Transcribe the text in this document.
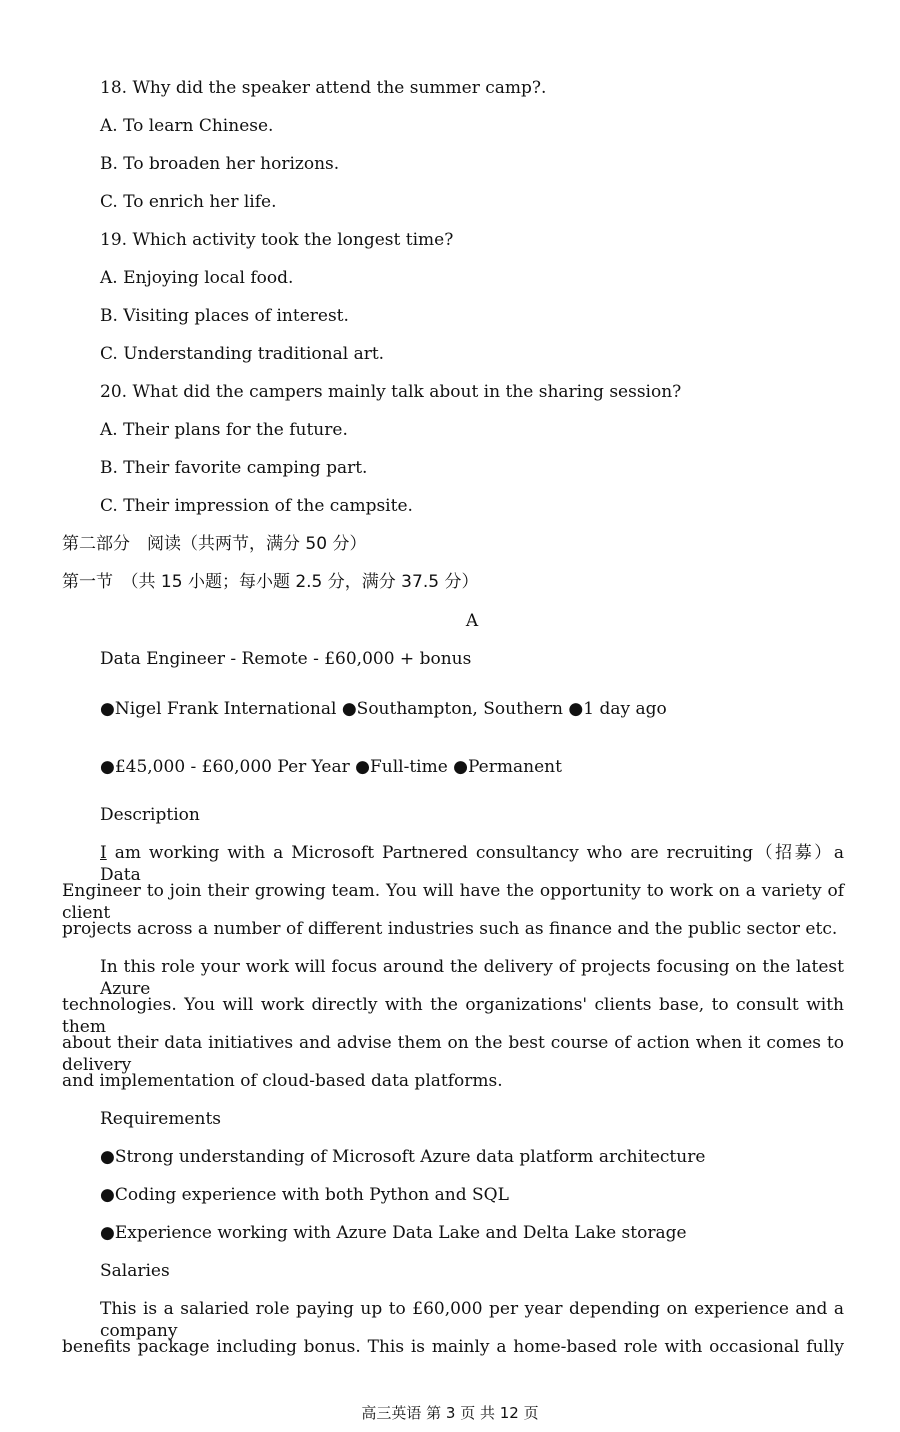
18. Why did the speaker attend the summer camp?.
A. To learn Chinese.
B. To broaden her horizons.
C. To enrich her life.
19. Which activity took the longest time?
A. Enjoying local food.
B. Visiting places of interest.
C. Understanding traditional art.
20. What did the campers mainly talk about in the sharing session?
A. Their plans for the future.
B. Their favorite camping part.
C. Their impression of the campsite.
第二部分　阅读（共两节，满分 50 分）
第一节　（共 15 小题；每小题 2.5 分，满分 37.5 分）
A
Data Engineer - Remote - £60,000 + bonus
●Nigel Frank International ●Southampton, Southern ●1 day ago
●£45,000 - £60,000 Per Year ●Full-time ●Permanent
Description
I am working with a Microsoft Partnered consultancy who are recruiting（招募）a Data
Engineer to join their growing team. You will have the opportunity to work on a variety of client
projects across a number of different industries such as finance and the public sector etc.
In this role your work will focus around the delivery of projects focusing on the latest Azure
technologies. You will work directly with the organizations' clients base, to consult with them
about their data initiatives and advise them on the best course of action when it comes to delivery
and implementation of cloud-based data platforms.
Requirements
●Strong understanding of Microsoft Azure data platform architecture
●Coding experience with both Python and SQL
●Experience working with Azure Data Lake and Delta Lake storage
Salaries
This is a salaried role paying up to £60,000 per year depending on experience and a company
benefits package including bonus. This is mainly a home-based role with occasional fully
高三英语 第 3 页 共 12 页
